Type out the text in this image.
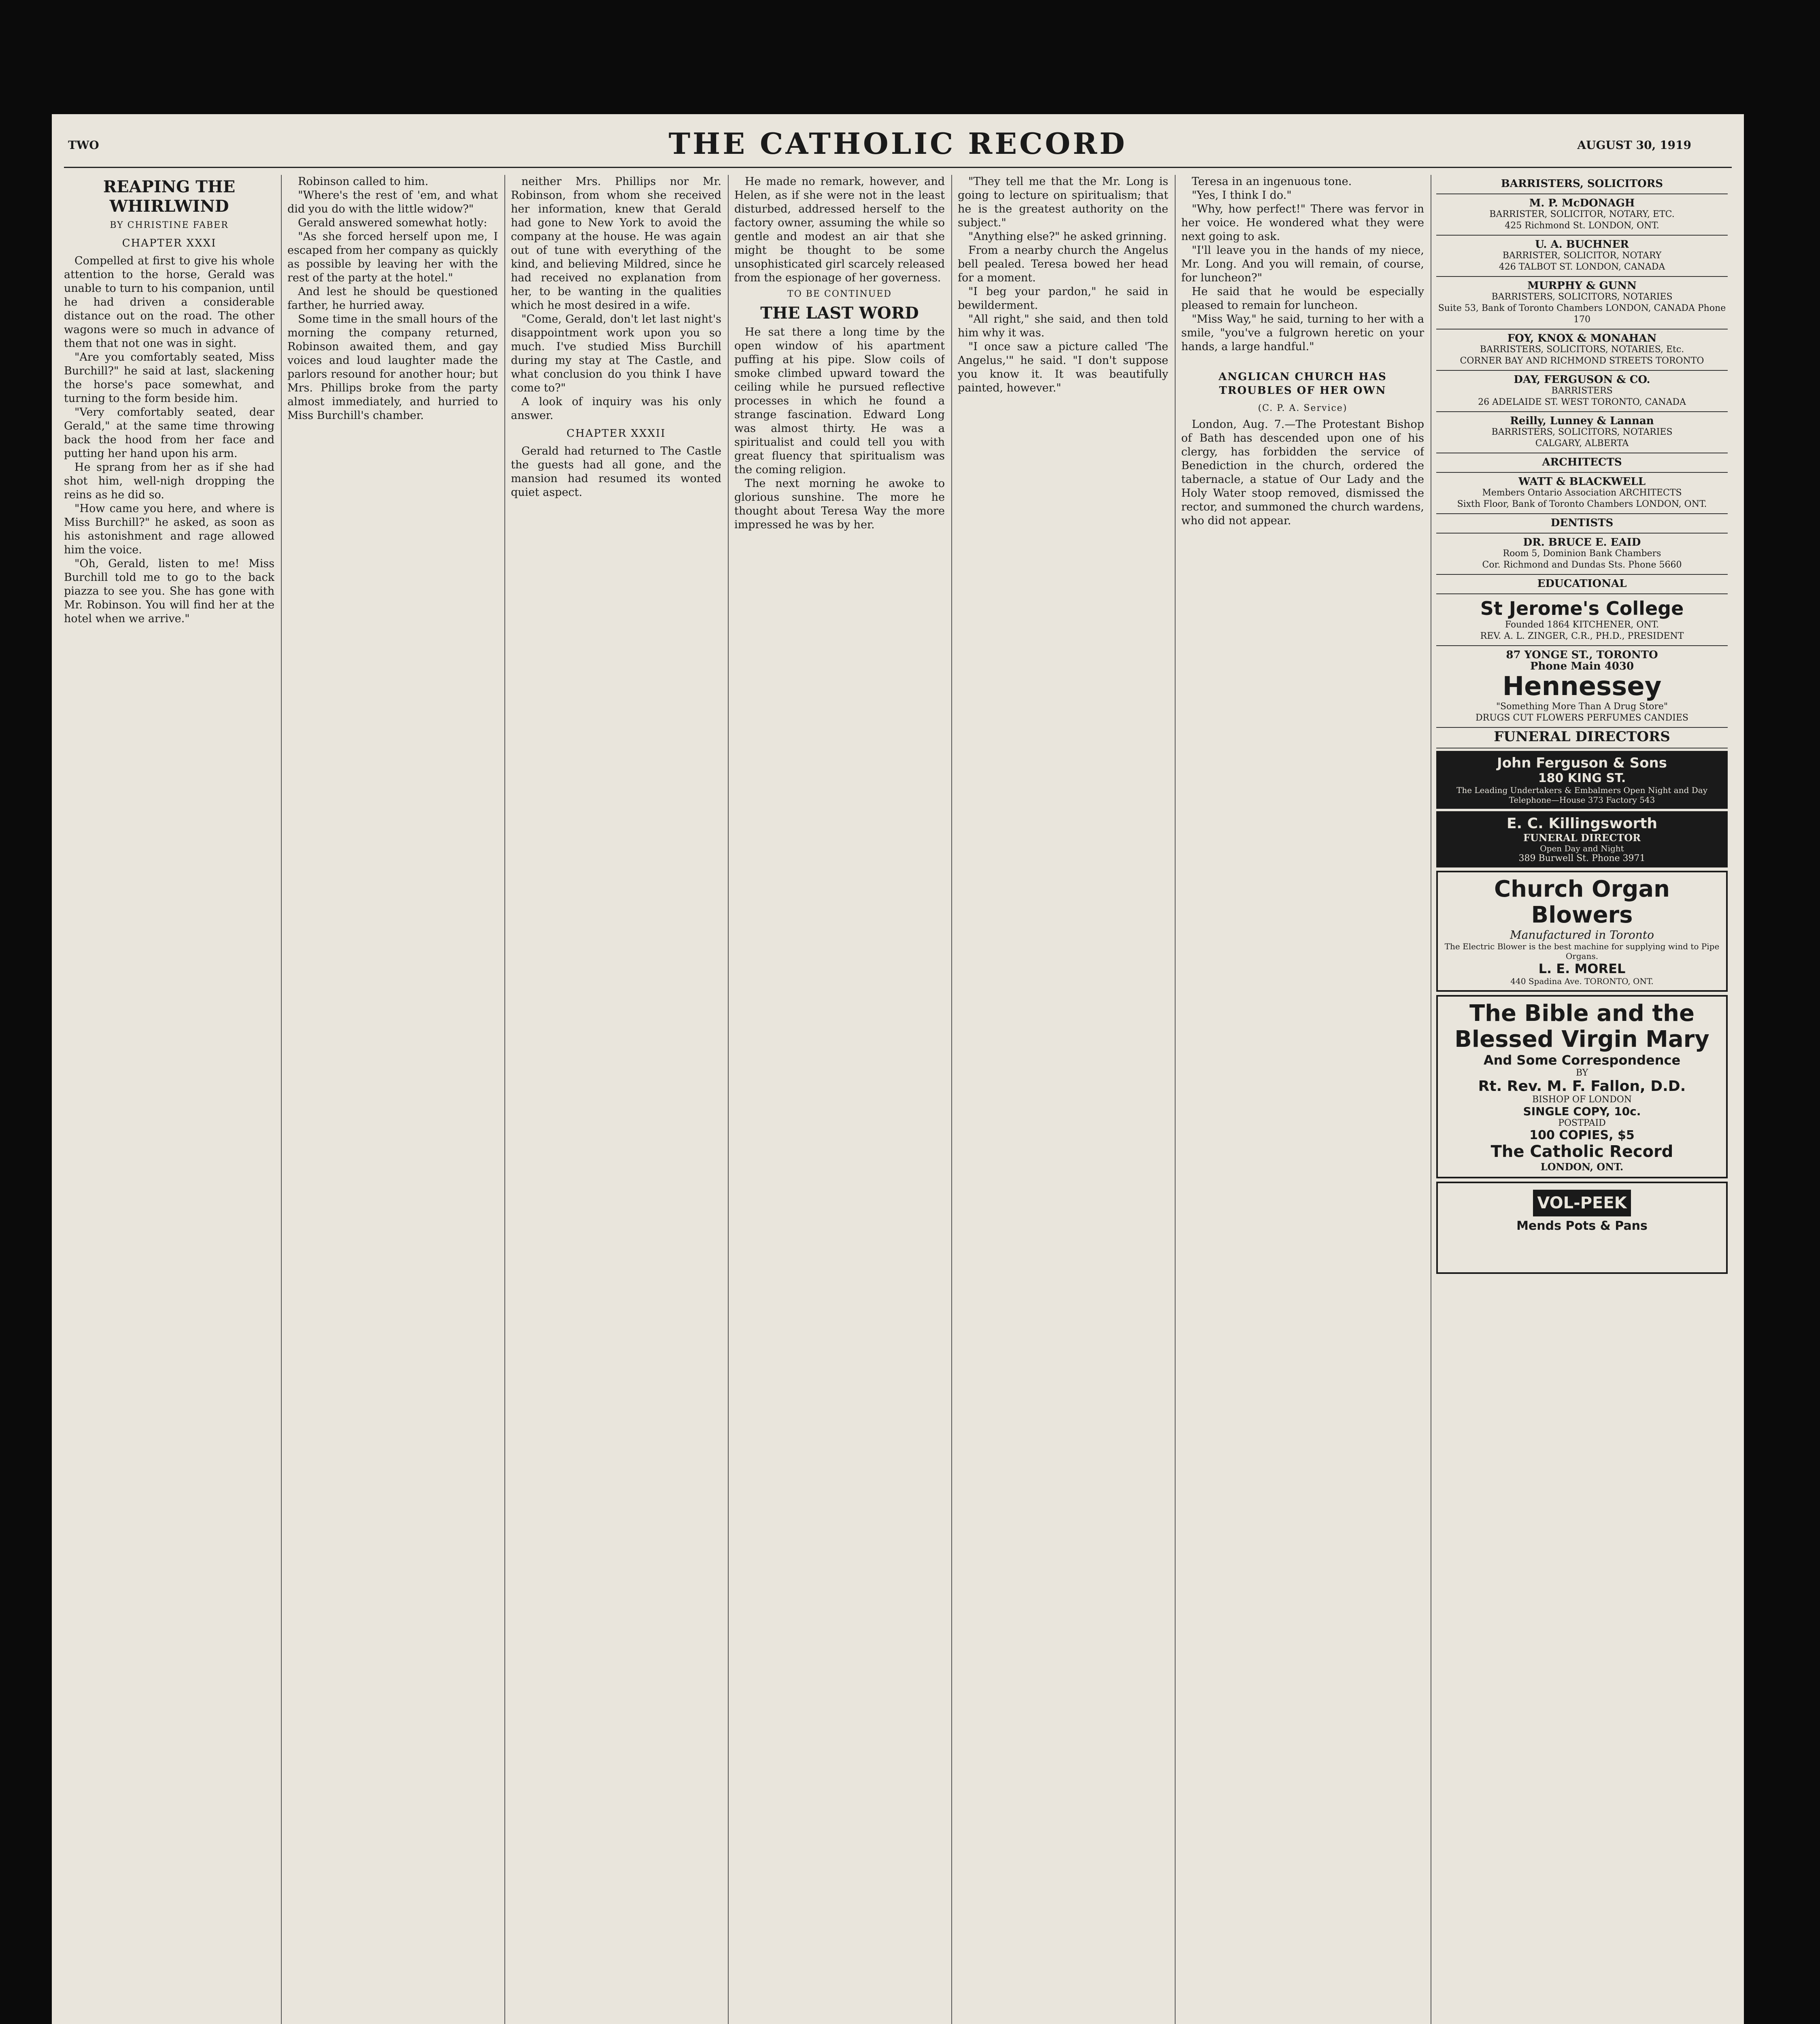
TWO	THE CATHOLIC RECORD	AUGUST 30, 1919
REAPING THE WHIRLWIND
BY CHRISTINE FABER
CHAPTER XXXI

Compelled at first to give his whole attention to the horse, Gerald was unable to turn to his companion, until he had driven a considerable distance out on the road. The other wagons were so much in advance of them that not one was in sight.

"Are you comfortably seated, Miss Burchill?" he said at last, slackening the horse's pace somewhat, and turning to the form beside him.

"Very comfortably seated, dear Gerald," at the same time throwing back the hood from her face and putting her hand upon his arm.

He sprang from her as if she had shot him, well-nigh dropping the reins as he did so.

"How came you here, and where is Miss Burchill?" he asked, as soon as his astonishment and rage allowed him the voice.

"Oh, Gerald, listen to me! Miss Burchill told me to go to the back piazza to see you. She has gone with Mr. Robinson. You will find her at the hotel when we arrive."

Robinson called to him.

"Where's the rest of 'em, and what did you do with the little widow?"

Gerald answered somewhat hotly:

"As she forced herself upon me, I escaped from her company as quickly as possible by leaving her with the rest of the party at the hotel."

And lest he should be questioned farther, he hurried away.

Some time in the small hours of the morning the company returned, Robinson awaited them, and gay voices and loud laughter made the parlors resound for another hour; but Mrs. Phillips broke from the party almost immediately, and hurried to Miss Burchill's chamber.

neither Mrs. Phillips nor Mr. Robinson, from whom she received her information, knew that Gerald had gone to New York to avoid the company at the house. He was again out of tune with everything of the kind, and believing Mildred, since he had received no explanation from her, to be wanting in the qualities which he most desired in a wife.

"Come, Gerald, don't let last night's disappointment work upon you so much. I've studied Miss Burchill during my stay at The Castle, and what conclusion do you think I have come to?"

A look of inquiry was his only answer.

CHAPTER XXXII

Gerald had returned to The Castle the guests had all gone, and the mansion had resumed its wonted quiet aspect.

He made no remark, however, and Helen, as if she were not in the least disturbed, addressed herself to the factory owner, assuming the while so gentle and modest an air that she might be thought to be some unsophisticated girl scarcely released from the espionage of her governess.

TO BE CONTINUED
THE LAST WORD

He sat there a long time by the open window of his apartment puffing at his pipe. Slow coils of smoke climbed upward toward the ceiling while he pursued reflective processes in which he found a strange fascination. Edward Long was almost thirty. He was a spiritualist and could tell you with great fluency that spiritualism was the coming religion.

The next morning he awoke to glorious sunshine. The more he thought about Teresa Way the more impressed he was by her.

"They tell me that the Mr. Long is going to lecture on spiritualism; that he is the greatest authority on the subject."

"Anything else?" he asked grinning.

From a nearby church the Angelus bell pealed. Teresa bowed her head for a moment.

"I beg your pardon," he said in bewilderment.

"All right," she said, and then told him why it was.

"I once saw a picture called 'The Angelus,'" he said. "I don't suppose you know it. It was beautifully painted, however."

Teresa in an ingenuous tone.

"Yes, I think I do."

"Why, how perfect!" There was fervor in her voice. He wondered what they were next going to ask.

"I'll leave you in the hands of my niece, Mr. Long. And you will remain, of course, for luncheon?"

He said that he would be especially pleased to remain for luncheon.

"Miss Way," he said, turning to her with a smile, "you've a fulgrown heretic on your hands, a large handful."

ANGLICAN CHURCH HAS TROUBLES OF HER OWN
(C. P. A. Service)

London, Aug. 7.—The Protestant Bishop of Bath has descended upon one of his clergy, has forbidden the service of Benediction in the church, ordered the tabernacle, a statue of Our Lady and the Holy Water stoop removed, dismissed the rector, and summoned the church wardens, who did not appear.

BARRISTERS, SOLICITORS
M. P. McDONAGH
BARRISTER, SOLICITOR, NOTARY, ETC.
425 Richmond St. LONDON, ONT.
U. A. BUCHNER
BARRISTER, SOLICITOR, NOTARY
426 TALBOT ST. LONDON, CANADA
MURPHY & GUNN
BARRISTERS, SOLICITORS, NOTARIES
Suite 53, Bank of Toronto Chambers LONDON, CANADA Phone 170
FOY, KNOX & MONAHAN
BARRISTERS, SOLICITORS, NOTARIES, Etc.
CORNER BAY AND RICHMOND STREETS TORONTO
DAY, FERGUSON & CO.
BARRISTERS
26 ADELAIDE ST. WEST TORONTO, CANADA
Reilly, Lunney & Lannan
BARRISTERS, SOLICITORS, NOTARIES
CALGARY, ALBERTA
ARCHITECTS
WATT & BLACKWELL
Members Ontario Association ARCHITECTS
Sixth Floor, Bank of Toronto Chambers LONDON, ONT.
DENTISTS
DR. BRUCE E. EAID
Room 5, Dominion Bank Chambers
Cor. Richmond and Dundas Sts. Phone 5660
EDUCATIONAL
St Jerome's College
Founded 1864 KITCHENER, ONT.
REV. A. L. ZINGER, C.R., PH.D., PRESIDENT
87 YONGE ST., TORONTO
Phone Main 4030
Hennessey
"Something More Than A Drug Store"
DRUGS CUT FLOWERS PERFUMES CANDIES
FUNERAL DIRECTORS
John Ferguson & Sons
180 KING ST.
The Leading Undertakers & Embalmers Open Night and Day
Telephone—House 373 Factory 543
E. C. Killingsworth
FUNERAL DIRECTOR
Open Day and Night
389 Burwell St. Phone 3971
Church Organ Blowers
Manufactured in Toronto
The Electric Blower is the best machine for supplying wind to Pipe Organs.
L. E. MOREL
440 Spadina Ave. TORONTO, ONT.
The Bible and the Blessed Virgin Mary
And Some Correspondence
BY
Rt. Rev. M. F. Fallon, D.D.
BISHOP OF LONDON
SINGLE COPY, 10c.
POSTPAID
100 COPIES, $5
The Catholic Record
LONDON, ONT.
VOL-PEEK
Mends Pots & Pans
